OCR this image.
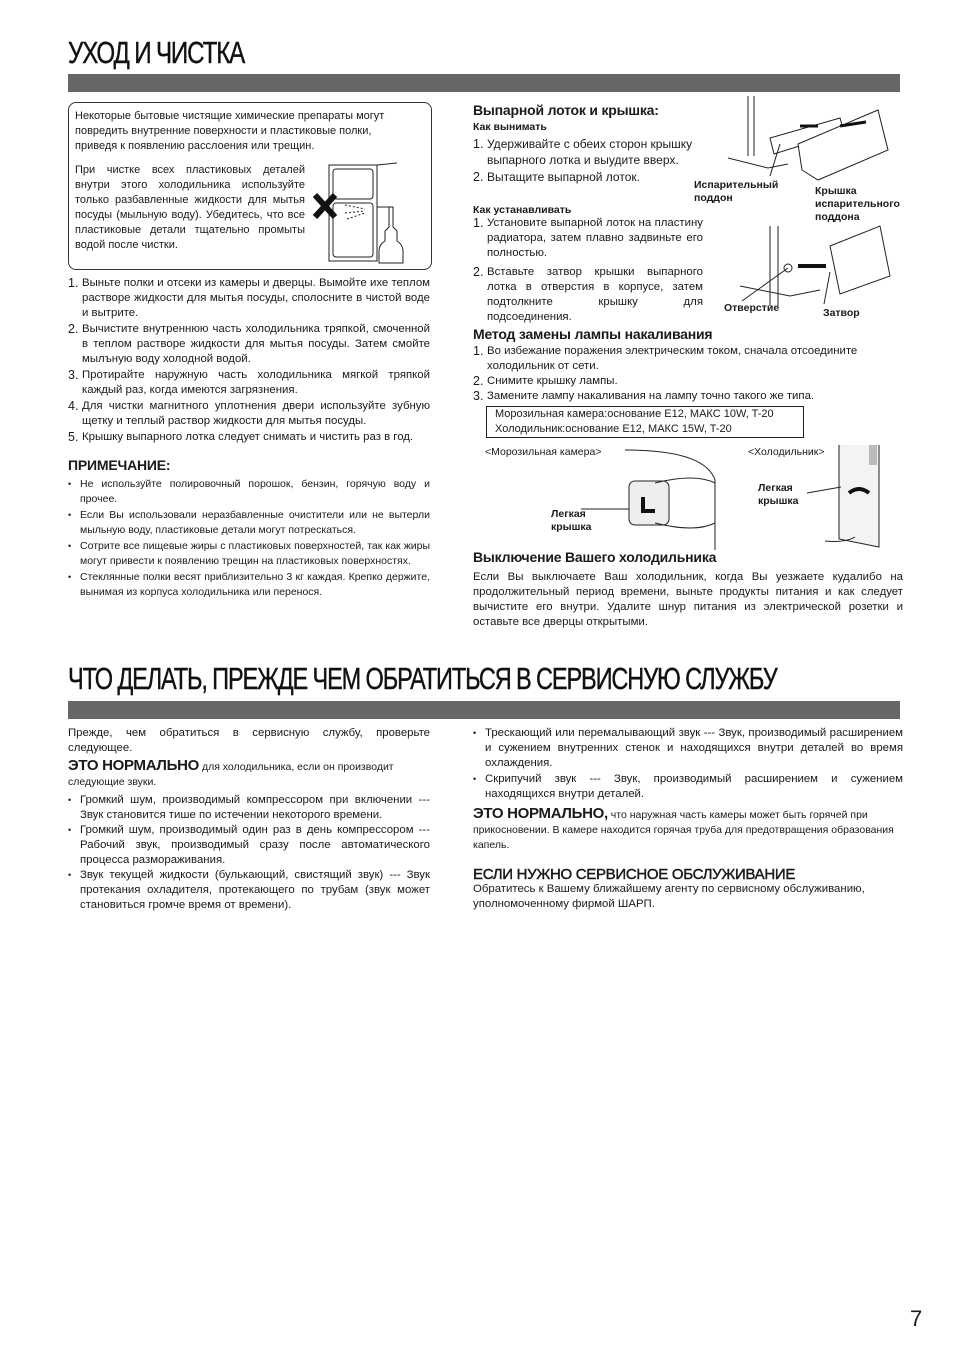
УХОД И ЧИСТКА
Некоторые бытовые чистящие химические препараты могут повредить внутренние поверхности и пластиковые полки, приведя к появлению расслоения или трещин.
При чистке всех пластиковых деталей внутри этого холодильника используйте только разбавленные жидкости для мытья посуды (мыльную воду). Убедитесь, что все пластиковые детали тщательно промыты водой после чистки.
1. Выньте полки и отсеки из камеры и дверцы. Вымойте ихе теплом растворе жидкости для мытья посуды, сполосните в чистой воде и вытрите.
2. Вычистите внутреннюю часть холодильника тряпкой, смоченной в теплом растворе жидкости для мытья посуды. Затем смойте мылъную воду холодной водой.
3. Протирайте наружную часть холодильника мягкой тряпкой каждый раз, когда имеются загрязнения.
4. Для чистки магнитного уплотнения двери используйте зубную щетку и теплый раствор жидкости для мытья посуды.
5. Крышку выпарного лотка следует снимать и чистить раз в год.
ПРИМЕЧАНИЕ:
• Не используйте полировочный порошок, бензин, горячую воду и прочее.
• Если Вы использовали неразбавленные очистители или не вытерли мыльную воду, пластиковые детали могут потрескаться.
• Сотрите все пищевые жиры с пластиковых поверхностей, так как жиры могут привести к появлению трещин на пластиковых поверхностях.
• Стеклянные полки весят приблизительно 3 кг каждая. Крепко держите, вынимая из корпуса холодильника или перенося.
Выпарной лоток и крышка:
Как вынимать
1. Удерживайте с обеих сторон крышку выпарного лотка и выудите вверх.
2. Вытащите выпарной лоток.
Как устанавливать
1. Установите выпарной лоток на пластину радиатора, затем плавно задвиньте его полностью.
2. Вставьте затвор крышки выпарного лотка в отверстия в корпусе, затем подтолкните крышку для подсоединения.
Испарительный поддон
Крышка испарительного поддона
Отверстие	Затвор
Метод замены лампы накаливания
1. Во избежание поражения электрическим током, сначала отсоедините холодильник от сети.
2. Снимите крышку лампы.
3. Замените лампу накаливания на лампу точно такого же типа.
Морозильная камера:основание E12, МАКС 10W, T-20
Холодильник:основание E12, МАКС 15W, T-20
<Морозильная камера>	<Холодильник>
Легкая крышка
Легкая крышка
Выключение Вашего холодильника
Если Вы выключаете Ваш холодильник, когда Вы уезжаете кудалибо на продолжительный период времени, выньте продукты питания и как следует вычистите его внутри. Удалите шнур питания из электрической розетки и оставьте все дверцы открытыми.
ЧТО ДЕЛАТЬ, ПРЕЖДЕ ЧЕМ ОБРАТИТЬСЯ В СЕРВИСНУЮ СЛУЖБУ
Прежде, чем обратиться в сервисную службу, проверьте следующее.
ЭТО НОРМАЛЬНО для холодильника, если он производит следующие звуки.
• Громкий шум, производимый компрессором при включении --- Звук становится тише по истечении некоторого времени.
• Громкий шум, производимый один раз в день компрессором --- Рабочий звук, производимый сразу после автоматического процесса размораживания.
• Звук текущей жидкости (булькающий, свистящий звук) --- Звук протекания охладителя, протекающего по трубам (звук может становиться громче время от времени).
• Трескающий или перемалывающий звук --- Звук, производимый расширением и сужением внутренних стенок и находящихся внутри деталей во время охлаждения.
• Скрипучий звук --- Звук, производимый расширением и сужением находящихся внутри деталей.
ЭТО НОРМАЛЬНО, что наружная часть камеры может быть горячей при прикосновении. В камере находится горячая труба для предотвращения образования капель.
ЕСЛИ НУЖНО СЕРВИСНОЕ ОБСЛУЖИВАНИЕ
Обратитесь к Вашему ближайшему агенту по сервисному обслуживанию, уполномоченному фирмой ШАРП.
7
